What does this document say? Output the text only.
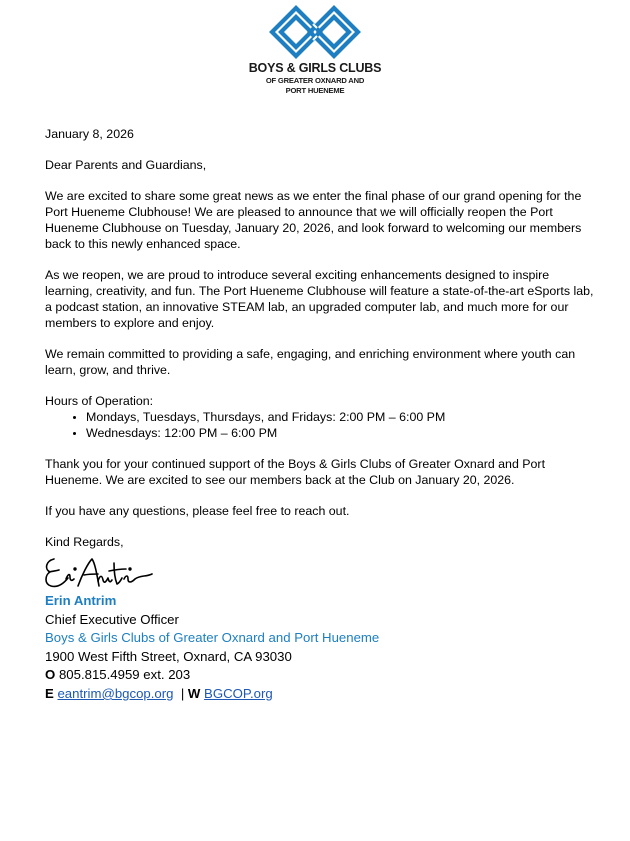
BOYS & GIRLS CLUBS
OF GREATER OXNARD AND
PORT HUENEME

January 8, 2026

Dear Parents and Guardians,

We are excited to share some great news as we enter the final phase of our grand opening for the Port Hueneme Clubhouse! We are pleased to announce that we will officially reopen the Port Hueneme Clubhouse on Tuesday, January 20, 2026, and look forward to welcoming our members back to this newly enhanced space.

As we reopen, we are proud to introduce several exciting enhancements designed to inspire learning, creativity, and fun. The Port Hueneme Clubhouse will feature a state-of-the-art eSports lab, a podcast station, an innovative STEAM lab, an upgraded computer lab, and much more for our members to explore and enjoy.

We remain committed to providing a safe, engaging, and enriching environment where youth can learn, grow, and thrive.

Hours of Operation:

• Mondays, Tuesdays, Thursdays, and Fridays: 2:00 PM – 6:00 PM
• Wednesdays: 12:00 PM – 6:00 PM

Thank you for your continued support of the Boys & Girls Clubs of Greater Oxnard and Port Hueneme. We are excited to see our members back at the Club on January 20, 2026.

If you have any questions, please feel free to reach out.

Kind Regards,

Erin Antrim
Chief Executive Officer
Boys & Girls Clubs of Greater Oxnard and Port Hueneme
1900 West Fifth Street, Oxnard, CA 93030
O 805.815.4959 ext. 203
E eantrim@bgcop.org | W BGCOP.org
